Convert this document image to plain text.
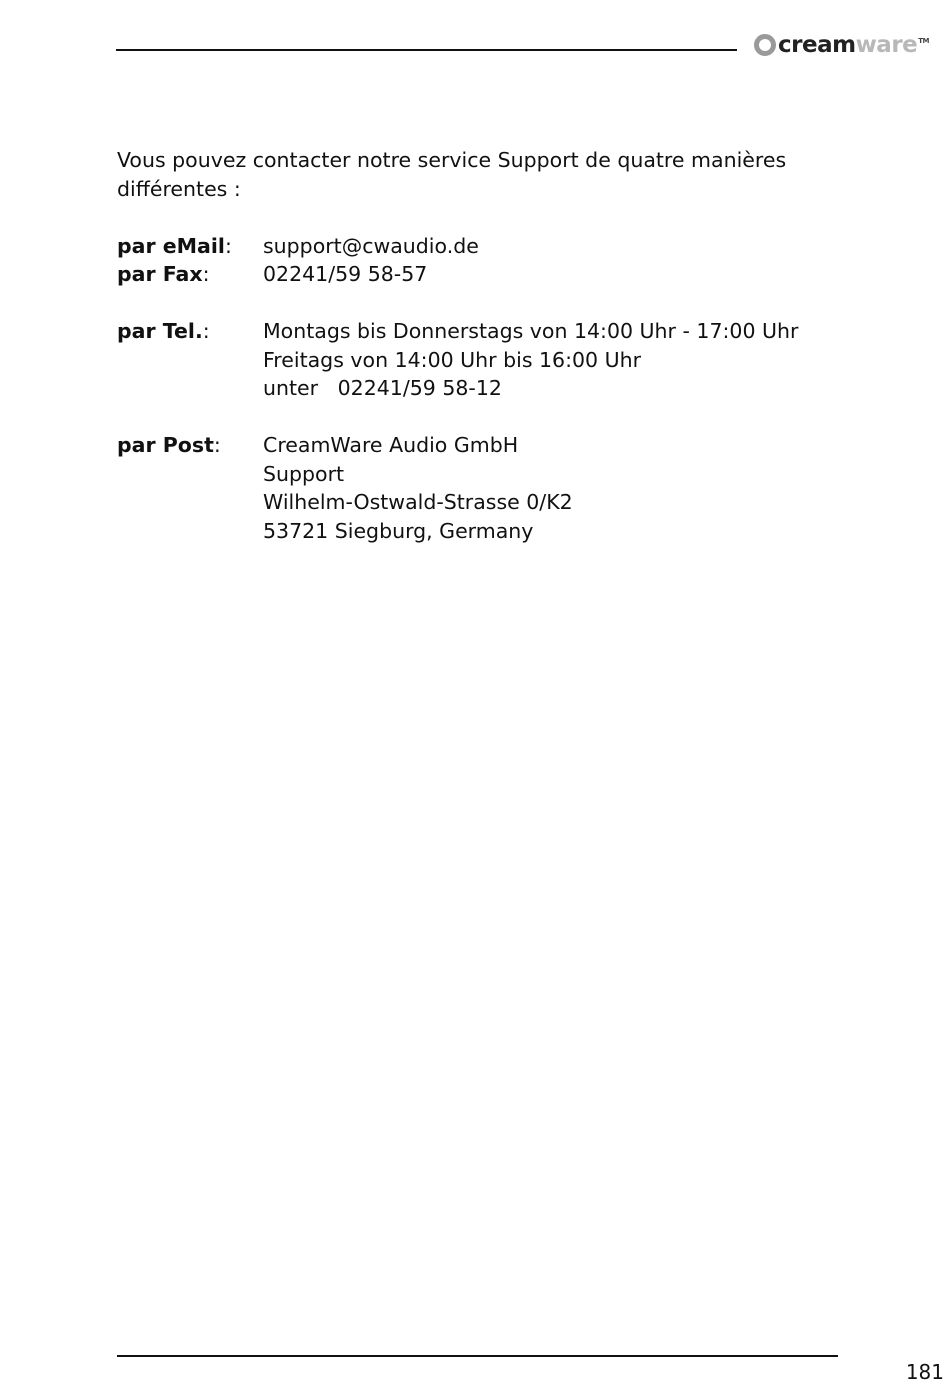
creamware™

Vous pouvez contacter notre service Support de quatre manières différentes :

par eMail:	support@cwaudio.de
par Fax:	02241/59 58-57
par Tel.:	Montags bis Donnerstags von 14:00 Uhr - 17:00 Uhr
Freitags von 14:00 Uhr bis 16:00 Uhr
unter   02241/59 58-12
par Post:	CreamWare Audio GmbH
Support
Wilhelm-Ostwald-Strasse 0/K2
53721 Siegburg, Germany
181
